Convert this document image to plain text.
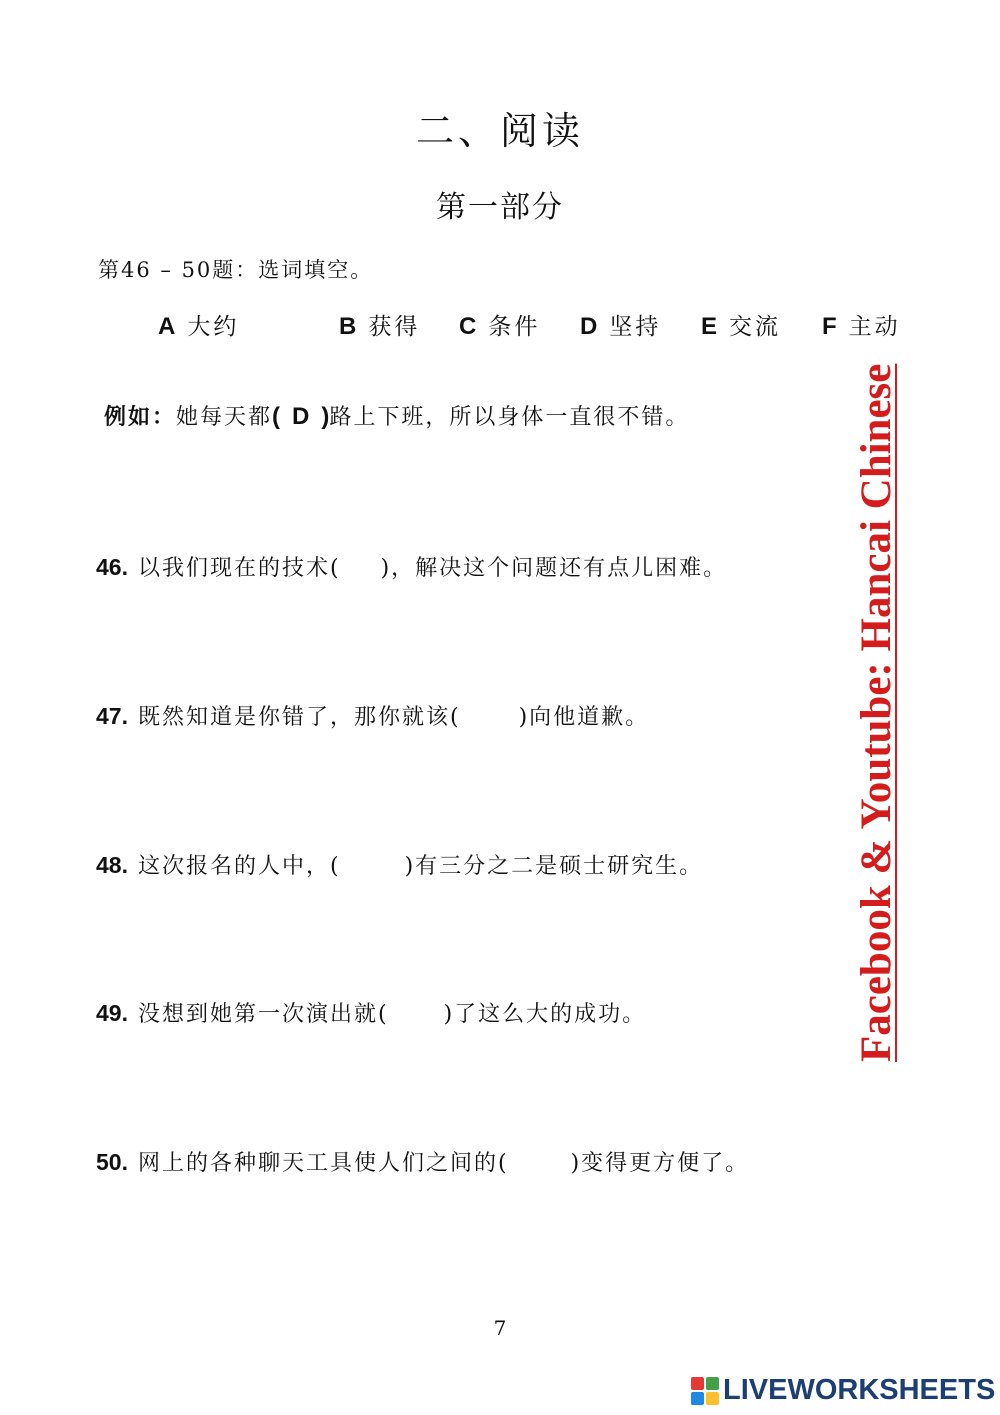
二、阅读
第一部分
第46 – 50题：选词填空。
A 大约	B 获得 C 条件 D 坚持 E 交流 F 主动
例如：她每天都( D )路上下班，所以身体一直很不错。
46. 以我们现在的技术( )，解决这个问题还有点儿困难。
47. 既然知道是你错了，那你就该(	)向他道歉。
48. 这次报名的人中，(	)有三分之二是硕士研究生。
49. 没想到她第一次演出就(	)了这么大的成功。
50. 网上的各种聊天工具使人们之间的(	)变得更方便了。
Facebook & Youtube: Hancai Chinese
7
LIVEWORKSHEETS
